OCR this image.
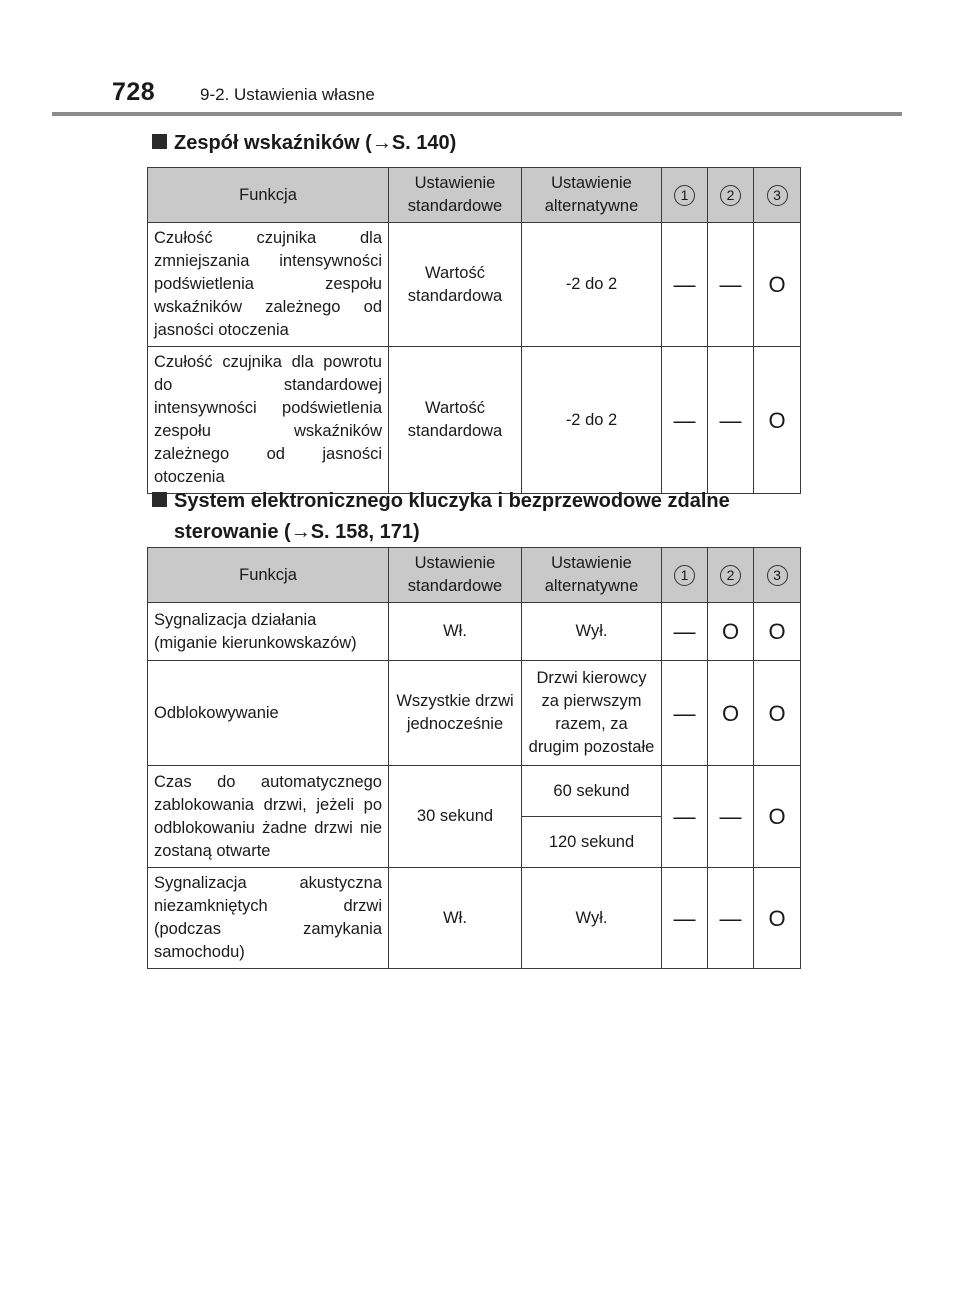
728	9-2. Ustawienia własne
Zespół wskaźników (→S. 140)
Funkcja	Ustawienie standardowe	Ustawienie alternatywne	1	2	3
Czułość czujnika dla zmniejszania intensywności podświetlenia zespołu wskaźników zależnego od jasności otoczenia	Wartość standardowa	-2 do 2	—	—	O
Czułość czujnika dla powrotu do standardowej intensywności podświetlenia zespołu wskaźników zależnego od jasności otoczenia	Wartość standardowa	-2 do 2	—	—	O
System elektronicznego kluczyka i bezprzewodowe zdalne sterowanie (→S. 158, 171)
Funkcja	Ustawienie standardowe	Ustawienie alternatywne	1	2	3
Sygnalizacja działania (miganie kierunkowskazów)	Wł.	Wył.	—	O	O
Odblokowywanie	Wszystkie drzwi jednocześnie	Drzwi kierowcy za pierwszym razem, za drugim pozostałe	—	O	O
Czas do automatycznego zablokowania drzwi, jeżeli po odblokowaniu żadne drzwi nie zostaną otwarte	30 sekund	60 sekund	—	—	O
		120 sekund			
Sygnalizacja akustyczna niezamkniętych drzwi (podczas zamykania samochodu)	Wł.	Wył.	—	—	O
